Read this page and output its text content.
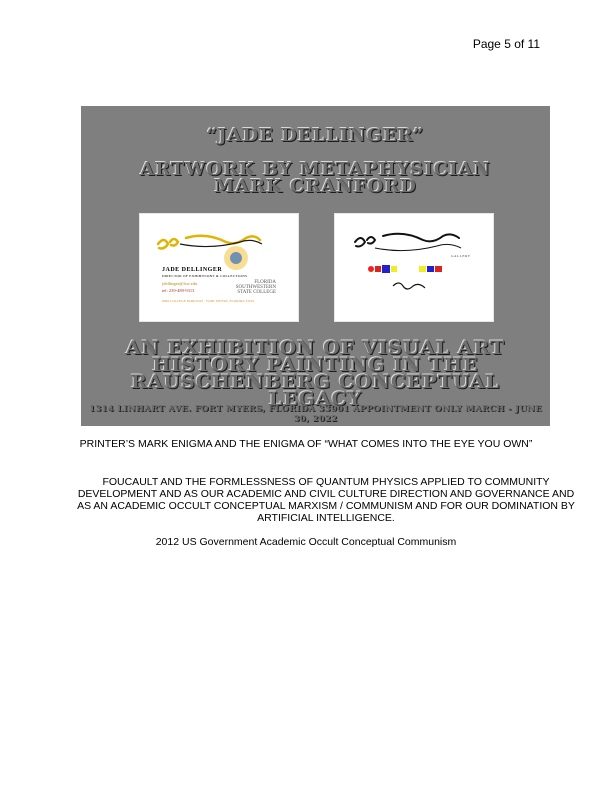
Page 5 of 11
“JADE DELLINGER”
ARTWORK BY METAPHYSICIAN MARK CRANFORD
JADE DELLINGER
DIRECTOR OF EXHIBITIONS & COLLECTIONS
jdellinger@fsw.edu
tel: 239-489-9313
FLORIDA
SOUTHWESTERN
STATE COLLEGE
8099 COLLEGE PARKWAY · FORT MYERS, FLORIDA 33919
GALLERY
AN EXHIBITION OF VISUAL ART HISTORY PAINTING IN THE RAUSCHENBERG CONCEPTUAL LEGACY
1314 LINHART AVE. FORT MYERS, FLORIDA 33901 APPOINTMENT ONLY MARCH - JUNE 30, 2022
PRINTER’S MARK ENIGMA AND THE ENIGMA OF “WHAT COMES INTO THE EYE YOU OWN”
FOUCAULT AND THE FORMLESSNESS OF QUANTUM PHYSICS APPLIED TO COMMUNITY DEVELOPMENT AND AS OUR ACADEMIC AND CIVIL CULTURE DIRECTION AND GOVERNANCE AND AS AN ACADEMIC OCCULT CONCEPTUAL MARXISM / COMMUNISM AND FOR OUR DOMINATION BY ARTIFICIAL INTELLIGENCE.
2012 US Government Academic Occult Conceptual Communism
